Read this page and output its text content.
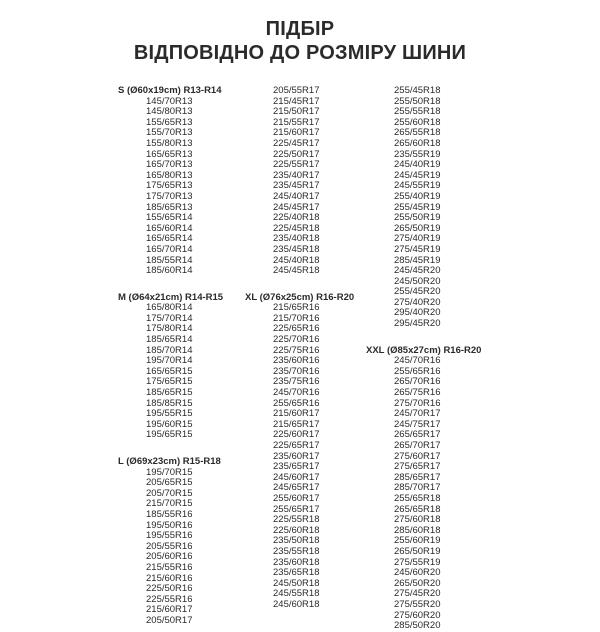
ПІДБІР
ВІДПОВІДНО ДО РОЗМІРУ ШИНИ
S (Ø60x19cm) R13-R14
145/70R13
145/80R13
155/65R13
155/70R13
155/80R13
165/65R13
165/70R13
165/80R13
175/65R13
175/70R13
185/65R13
155/65R14
165/60R14
165/65R14
165/70R14
185/55R14
185/60R14
M (Ø64x21cm) R14-R15
165/80R14
175/70R14
175/80R14
185/65R14
185/70R14
195/70R14
165/65R15
175/65R15
185/65R15
185/85R15
195/55R15
195/60R15
195/65R15
L (Ø69x23cm) R15-R18
195/70R15
205/65R15
205/70R15
215/70R15
185/55R16
195/50R16
195/55R16
205/55R16
205/60R16
215/55R16
215/60R16
225/50R16
225/55R16
215/60R17
205/50R17
205/55R17
215/45R17
215/50R17
215/55R17
215/60R17
225/45R17
225/50R17
225/55R17
235/40R17
235/45R17
245/40R17
245/45R17
225/40R18
225/45R18
235/40R18
235/45R18
245/40R18
245/45R18
XL (Ø76x25cm) R16-R20
215/65R16
215/70R16
225/65R16
225/70R16
225/75R16
235/60R16
235/70R16
235/75R16
245/70R16
255/65R16
215/60R17
215/65R17
225/60R17
225/65R17
235/60R17
235/65R17
245/60R17
245/65R17
255/60R17
255/65R17
225/55R18
225/60R18
235/50R18
235/55R18
235/60R18
235/65R18
245/50R18
245/55R18
245/60R18
255/45R18
255/50R18
255/55R18
255/60R18
265/55R18
265/60R18
235/55R19
245/40R19
245/45R19
245/55R19
255/40R19
255/45R19
255/50R19
265/50R19
275/40R19
275/45R19
285/45R19
245/45R20
245/50R20
255/45R20
275/40R20
295/40R20
295/45R20
XXL (Ø85x27cm) R16-R20
245/70R16
255/65R16
265/70R16
265/75R16
275/70R16
245/70R17
245/75R17
265/65R17
265/70R17
275/60R17
275/65R17
285/65R17
285/70R17
255/65R18
265/65R18
275/60R18
285/60R18
255/60R19
265/50R19
275/55R19
245/60R20
265/50R20
275/45R20
275/55R20
275/60R20
285/50R20
